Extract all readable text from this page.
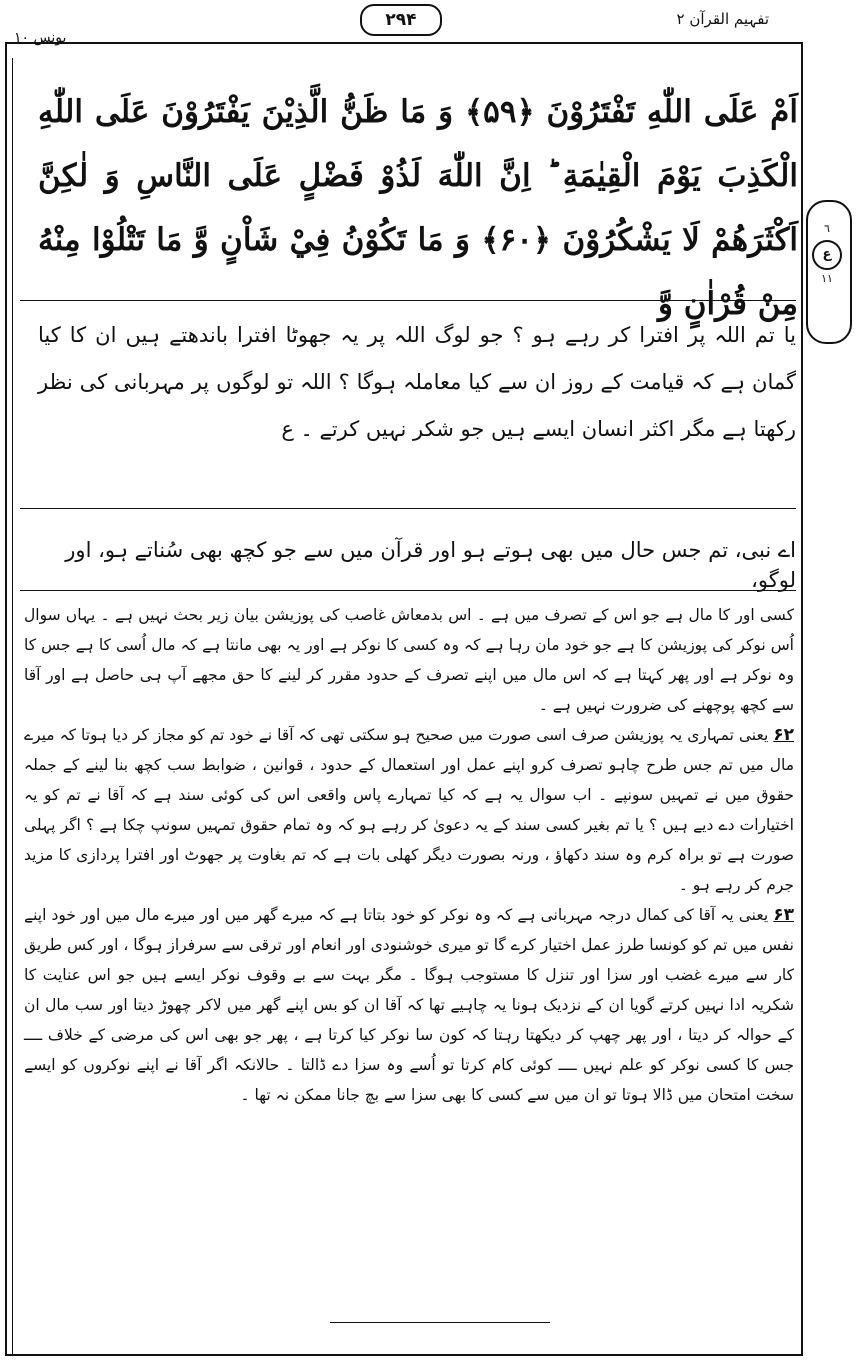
یونس ۱۰
۲۹۴	تفہیم القرآن ۲
٦
ع
۱۱
اَمْ عَلَى اللّٰهِ تَفْتَرُوْنَ ﴿۵۹﴾ وَ مَا ظَنُّ الَّذِيْنَ يَفْتَرُوْنَ عَلَى اللّٰهِ الْكَذِبَ يَوْمَ الْقِيٰمَةِ ؕ اِنَّ اللّٰهَ لَذُوْ فَضْلٍ عَلَى النَّاسِ وَ لٰكِنَّ اَكْثَرَهُمْ لَا يَشْكُرُوْنَ ﴿۶۰﴾ وَ مَا تَكُوْنُ فِيْ شَاْنٍ وَّ مَا تَتْلُوْا مِنْهُ مِنْ قُرْاٰنٍ وَّ
یا تم اللہ پر افترا کر رہے ہو ؟ جو لوگ اللہ پر یہ جھوٹا افترا باندھتے ہیں ان کا کیا گمان ہے کہ قیامت کے روز ان سے کیا معاملہ ہوگا ؟ اللہ تو لوگوں پر مہربانی کی نظر رکھتا ہے مگر اکثر انسان ایسے ہیں جو شکر نہیں کرتے ۔ ع
اے نبی، تم جس حال میں بھی ہوتے ہو اور قرآن میں سے جو کچھ بھی سُناتے ہو، اور لوگو،

کسی اور کا مال ہے جو اس کے تصرف میں ہے ۔ اس بدمعاش غاصب کی پوزیشن بیان زیر بحث نہیں ہے ۔ یہاں سوال اُس نوکر کی پوزیشن کا ہے جو خود مان رہا ہے کہ وہ کسی کا نوکر ہے اور یہ بھی مانتا ہے کہ مال اُسی کا ہے جس کا وہ نوکر ہے اور پھر کہتا ہے کہ اس مال میں اپنے تصرف کے حدود مقرر کر لینے کا حق مجھے آپ ہی حاصل ہے اور آقا سے کچھ پوچھنے کی ضرورت نہیں ہے ۔

۶۲ یعنی تمہاری یہ پوزیشن صرف اسی صورت میں صحیح ہو سکتی تھی کہ آقا نے خود تم کو مجاز کر دیا ہوتا کہ میرے مال میں تم جس طرح چاہو تصرف کرو اپنے عمل اور استعمال کے حدود ، قوانین ، ضوابط سب کچھ بنا لینے کے جملہ حقوق میں نے تمہیں سونپے ۔ اب سوال یہ ہے کہ کیا تمہارے پاس واقعی اس کی کوئی سند ہے کہ آقا نے تم کو یہ اختیارات دے دیے ہیں ؟ یا تم بغیر کسی سند کے یہ دعویٰ کر رہے ہو کہ وہ تمام حقوق تمہیں سونپ چکا ہے ؟ اگر پہلی صورت ہے تو براہ کرم وہ سند دکھاؤ ، ورنہ بصورت دیگر کھلی بات ہے کہ تم بغاوت پر جھوٹ اور افترا پردازی کا مزید جرم کر رہے ہو ۔

۶۳ یعنی یہ آقا کی کمال درجہ مہربانی ہے کہ وہ نوکر کو خود بتاتا ہے کہ میرے گھر میں اور میرے مال میں اور خود اپنے نفس میں تم کو کونسا طرز عمل اختیار کرے گا تو میری خوشنودی اور انعام اور ترقی سے سرفراز ہوگا ، اور کس طریق کار سے میرے غضب اور سزا اور تنزل کا مستوجب ہوگا ۔ مگر بہت سے بے وقوف نوکر ایسے ہیں جو اس عنایت کا شکریہ ادا نہیں کرتے گویا ان کے نزدیک ہونا یہ چاہیے تھا کہ آقا ان کو بس اپنے گھر میں لاکر چھوڑ دیتا اور سب مال ان کے حوالہ کر دیتا ، اور پھر چھپ کر دیکھتا رہتا کہ کون سا نوکر کیا کرتا ہے ، پھر جو بھی اس کی مرضی کے خلاف ــــ جس کا کسی نوکر کو علم نہیں ــــ کوئی کام کرتا تو اُسے وہ سزا دے ڈالتا ۔ حالانکہ اگر آقا نے اپنے نوکروں کو ایسے سخت امتحان میں ڈالا ہوتا تو ان میں سے کسی کا بھی سزا سے بچ جانا ممکن نہ تھا ۔
